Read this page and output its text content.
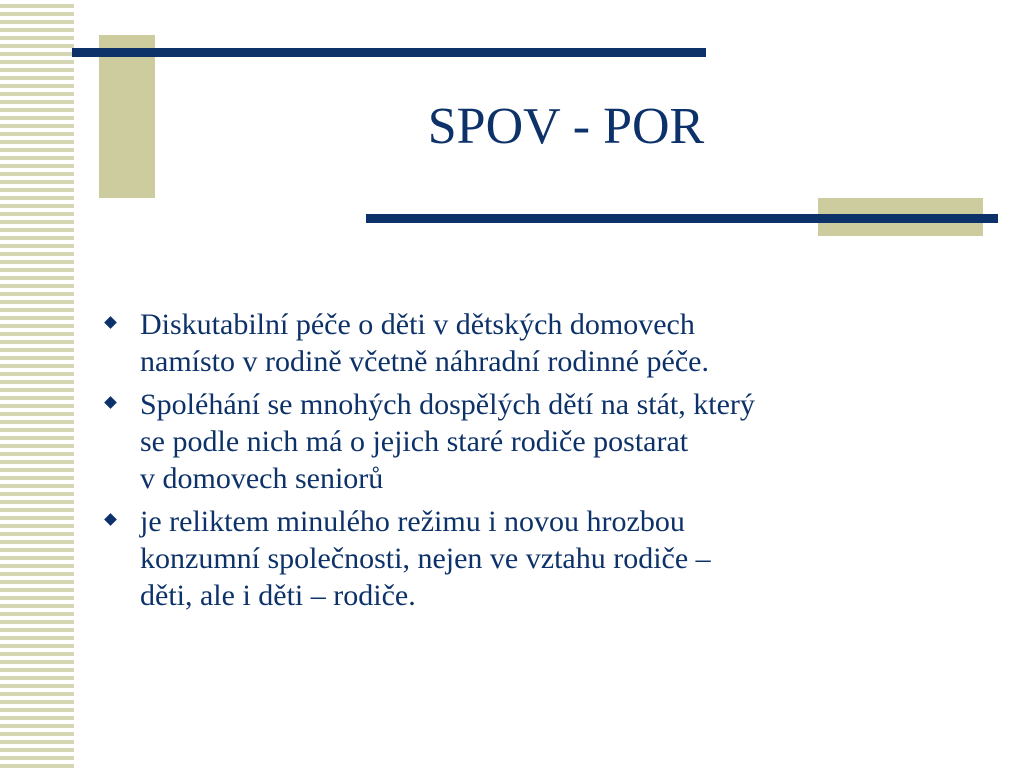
SPOV - POR
Diskutabilní péče o děti v dětských domovech
namísto v rodině včetně náhradní rodinné péče.
Spoléhání se mnohých dospělých dětí na stát, který
se podle nich má o jejich staré rodiče postarat
v domovech seniorů
je reliktem minulého režimu i novou hrozbou
konzumní společnosti, nejen ve vztahu rodiče –
děti, ale i děti – rodiče.
